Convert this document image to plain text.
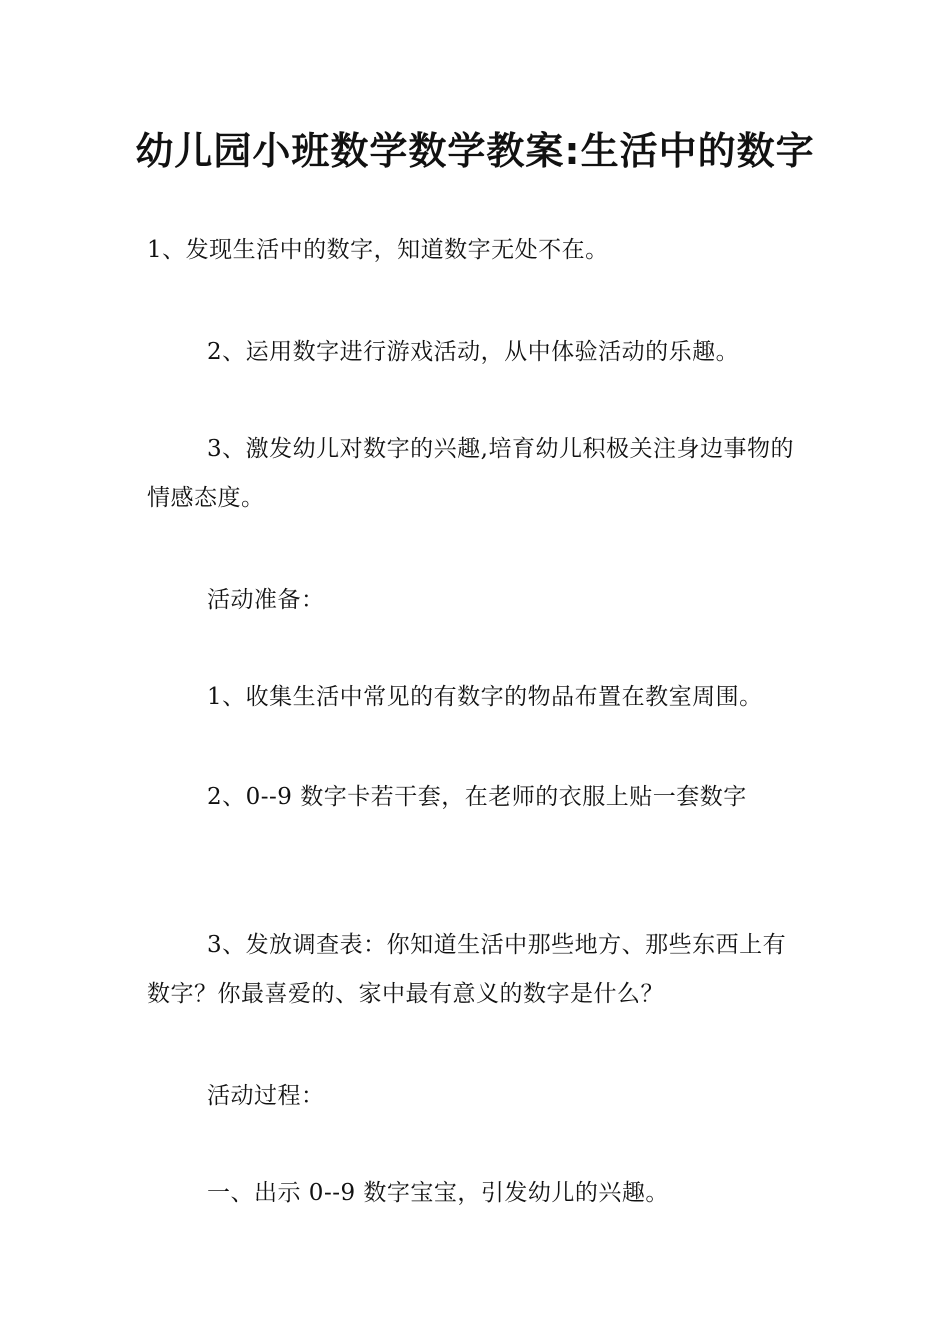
幼儿园小班数学数学教案:生活中的数字
1、发现生活中的数字，知道数字无处不在。
2、运用数字进行游戏活动，从中体验活动的乐趣。
3、激发幼儿对数字的兴趣,培育幼儿积极关注身边事物的情感态度。
活动准备：
1、收集生活中常见的有数字的物品布置在教室周围。
2、0--9 数字卡若干套，在老师的衣服上贴一套数字
3、发放调查表：你知道生活中那些地方、那些东西上有数字？你最喜爱的、家中最有意义的数字是什么？
活动过程：
一、出示 0--9 数字宝宝，引发幼儿的兴趣。
